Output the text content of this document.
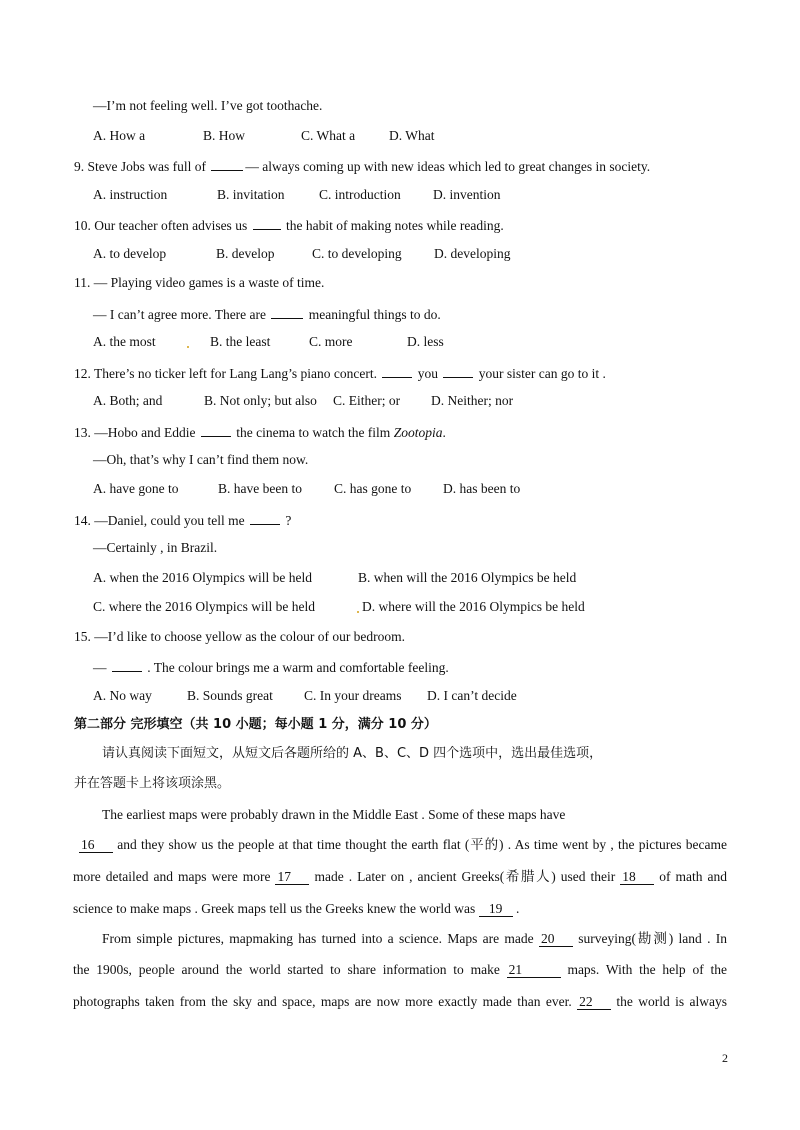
—I’m not feeling well. I’ve got toothache.
A. How a	B. How	C. What a	D. What
9. Steve Jobs was full of	— always coming up with new ideas which led to great changes in society.
A. instruction	B. invitation	C. introduction D. invention
10. Our teacher often advises us  the habit of making notes while reading.
A. to develop	B. develop	C. to developing D. developing
11. — Playing video games is a waste of time.
— I can’t agree more. There are	meaningful things to do.
A. the most	B. the least	C. more	D. less
12. There’s no ticker left for Lang Lang’s piano concert.	you	your sister can go to it .
A. Both; and	B. Not only; but also C. Either; or D. Neither; nor
13. —Hobo and Eddie	the cinema to watch the film Zootopia.
—Oh, that’s why I can’t find them now.
A. have gone to	B. have been to C. has gone to D. has been to
14. —Daniel, could you tell me	?
—Certainly , in Brazil.
A. when the 2016 Olympics will be held	B. when will the 2016 Olympics be held
C. where the 2016 Olympics will be held	D. where will the 2016 Olympics be held
15. —I’d like to choose yellow as the colour of our bedroom.
—	. The colour brings me a warm and comfortable feeling.
A. No way	B. Sounds great C. In your dreams D. I can’t decide
第二部分 完形填空（共 10 小题；每小题 1 分，满分 10 分）
请认真阅读下面短文，从短文后各题所给的 A、B、C、D 四个选项中，选出最佳选项，
并在答题卡上将该项涂黑。
The earliest maps were probably drawn in the Middle East . Some of these maps have
16 and they show us the people at that time thought the earth flat (平的) . As time went by , the pictures became
more detailed and maps were more 17 made . Later on , ancient Greeks(希腊人) used their 18 of math and
science to make maps . Greek maps tell us the Greeks knew the world was 19 .
From simple pictures, mapmaking has turned into a science. Maps are made 20 surveying(勘测) land . In
the 1900s, people around the world started to share information to make 21	maps. With the help of the
photographs taken from the sky and space, maps are now more exactly made than ever. 22 the world is always
2
